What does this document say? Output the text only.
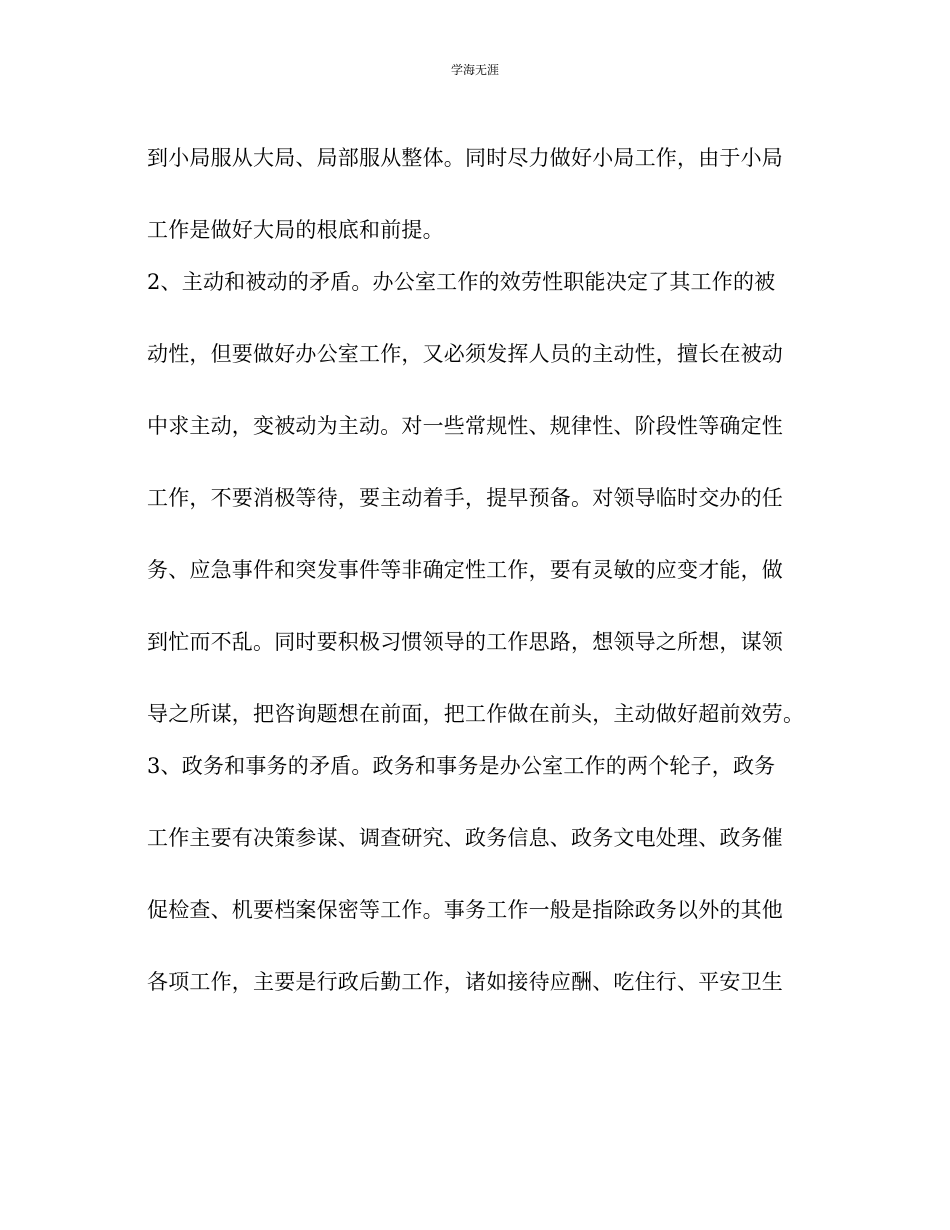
学海无涯
到小局服从大局、局部服从整体。同时尽力做好小局工作，由于小局
工作是做好大局的根底和前提。
2、主动和被动的矛盾。办公室工作的效劳性职能决定了其工作的被
动性，但要做好办公室工作，又必须发挥人员的主动性，擅长在被动
中求主动，变被动为主动。对一些常规性、规律性、阶段性等确定性
工作，不要消极等待，要主动着手，提早预备。对领导临时交办的任
务、应急事件和突发事件等非确定性工作，要有灵敏的应变才能，做
到忙而不乱。同时要积极习惯领导的工作思路，想领导之所想，谋领
导之所谋，把咨询题想在前面，把工作做在前头，主动做好超前效劳。
3、政务和事务的矛盾。政务和事务是办公室工作的两个轮子，政务
工作主要有决策参谋、调查研究、政务信息、政务文电处理、政务催
促检查、机要档案保密等工作。事务工作一般是指除政务以外的其他
各项工作，主要是行政后勤工作，诸如接待应酬、吃住行、平安卫生
